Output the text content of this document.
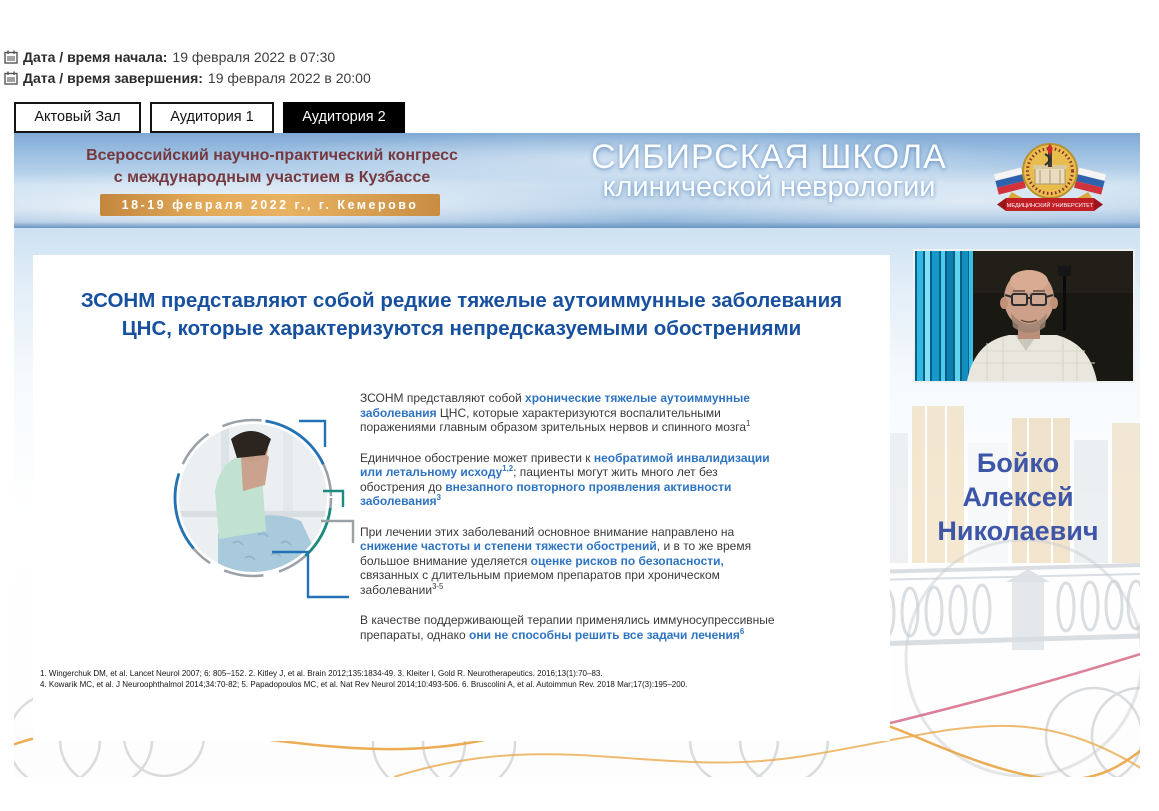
Дата / время начала: 19 февраля 2022 в 07:30
Дата / время завершения: 19 февраля 2022 в 20:00
Актовый Зал	Аудитория 1	Аудитория 2
Всероссийский научно-практический конгресс
с международным участием в Кузбассе
18-19 февраля 2022 г., г. Кемерово
СИБИРСКАЯ ШКОЛА
клинической неврологии
МЕДИЦИНСКИЙ УНИВЕРСИТЕТ
ЗСОНМ представляют собой редкие тяжелые аутоиммунные заболевания
ЦНС, которые характеризуются непредсказуемыми обострениями

ЗСОНМ представляют собой хронические тяжелые аутоиммунные заболевания ЦНС, которые характеризуются воспалительными поражениями главным образом зрительных нервов и спинного мозга$^1$

Единичное обострение может привести к необратимой инвалидизации или летальному исходу$^{1,2}$; пациенты могут жить много лет без обострения до внезапного повторного проявления активности заболевания$^3$

При лечении этих заболеваний основное внимание направлено на снижение частоты и степени тяжести обострений, и в то же время большое внимание уделяется оценке рисков по безопасности, связанных с длительным приемом препаратов при хроническом заболевании$^{3-5}$

В качестве поддерживающей терапии применялись иммуносупрессивные препараты, однако они не способны решить все задачи лечения$^6$

1. Wingerchuk DM, et al. Lancet Neurol 2007; 6: 805–152. 2. Kitley J, et al. Brain 2012;135:1834-49. 3. Kleiter I, Gold R. Neurotherapeutics. 2016;13(1):70–83.
4. Kowarik MC, et al. J Neuroophthalmol 2014;34:70-82; 5. Papadopoulos MC, et al. Nat Rev Neurol 2014;10:493-506. 6. Bruscolini A, et al. Autoimmun Rev. 2018 Mar;17(3):195–200.
Бойко
Алексей
Николаевич
